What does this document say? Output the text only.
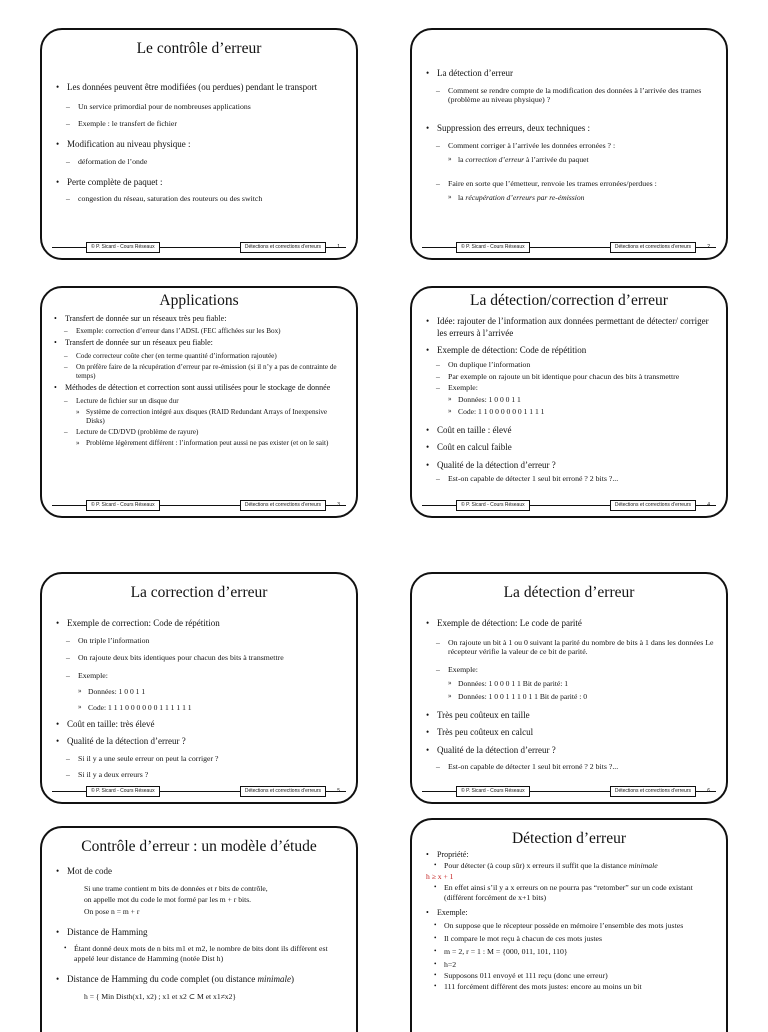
Le contrôle d’erreur
• Les données peuvent être modifiées (ou perdues) pendant le transport
– Un service primordial pour de nombreuses applications
– Exemple : le transfert de fichier
• Modification au niveau physique :
– déformation de l’onde
• Perte complète de paquet :
– congestion du réseau, saturation des routeurs ou des switch
© P. Sicard - Cours Réseaux	Détections et corrections d’erreurs	1
• La détection d’erreur
– Comment se rendre compte de la modification des données à l’arrivée des trames (problème au niveau physique) ?
• Suppression des erreurs, deux techniques :
– Comment corriger à l’arrivée les données erronées ? :
» la correction d’erreur à l’arrivée du paquet
– Faire en sorte que l’émetteur, renvoie les trames erronées/perdues :
» la récupération d’erreurs par re-émission
© P. Sicard - Cours Réseaux	Détections et corrections d’erreurs	2
Applications
• Transfert de donnée sur un réseaux très peu fiable:
– Exemple: correction d’erreur dans l’ADSL (FEC affichées sur les Box)
• Transfert de donnée sur un réseaux peu fiable:
– Code correcteur coûte cher (en terme quantité d’information rajoutée)
– On préfère faire de la récupération d’erreur par re-émission (si il n’y a pas de contrainte de temps)
• Méthodes de détection et correction sont aussi utilisées pour le stockage de donnée
– Lecture de fichier sur un disque dur
» Système de correction intégré aux disques (RAID Redundant Arrays of Inexpensive Disks)
– Lecture de CD/DVD (problème de rayure)
» Problème légèrement différent : l’information peut aussi ne pas exister (et on le sait)
© P. Sicard - Cours Réseaux	Détections et corrections d’erreurs	3
La détection/correction d’erreur
• Idée: rajouter de l’information aux données permettant de détecter/ corriger les erreurs à l’arrivée
• Exemple de détection: Code de répétition
– On duplique l’information
– Par exemple on rajoute un bit identique pour chacun des bits à transmettre
– Exemple:
» Données: 1 0 0 0 1 1
» Code: 1 1 0 0 0 0 0 0 1 1 1 1
• Coût en taille : élevé
• Coût en calcul faible
• Qualité de la détection d’erreur ?
– Est-on capable de détecter 1 seul bit erroné ? 2 bits ?...
© P. Sicard - Cours Réseaux	Détections et corrections d’erreurs	4
La correction d’erreur
• Exemple de correction: Code de répétition
– On triple l’information
– On rajoute deux bits identiques pour chacun des bits à transmettre
– Exemple:
» Données: 1 0 0 1 1
» Code: 1 1 1 0 0 0 0 0 0 1 1 1 1 1 1
• Coût en taille: très élevé
• Qualité de la détection d’erreur ?
– Si il y a une seule erreur on peut la corriger ?
– Si il y a deux erreurs ?
© P. Sicard - Cours Réseaux	Détections et corrections d’erreurs	5
La détection d’erreur
• Exemple de détection: Le code de parité
– On rajoute un bit à 1 ou 0 suivant la parité du nombre de bits à 1 dans les données Le récepteur vérifie la valeur de ce bit de parité.
– Exemple:
» Données: 1 0 0 0 1 1 Bit de parité: 1
» Données: 1 0 0 1 1 1 0 1 1 Bit de parité : 0
• Très peu coûteux en taille
• Très peu coûteux en calcul
• Qualité de la détection d’erreur ?
– Est-on capable de détecter 1 seul bit erroné ? 2 bits ?...
© P. Sicard - Cours Réseaux	Détections et corrections d’erreurs	6
Contrôle d’erreur : un modèle d’étude
• Mot de code
Si une trame contient m bits de données et r bits de contrôle,
on appelle mot du code le mot formé par les m + r bits.
On pose n = m + r
• Distance de Hamming
• Étant donné deux mots de n bits m1 et m2, le nombre de bits dont ils diffèrent est appelé leur distance de Hamming (notée Dist h)
• Distance de Hamming du code complet (ou distance minimale)
h = { Min Disth(x1, x2) ; x1 et x2 ⊂ M et x1≠x2}
Détection d’erreur
• Propriété:
• Pour détecter (à coup sûr) x erreurs il suffit que la distance minimale
h ≥ x + 1
• En effet ainsi s’il y a x erreurs on ne pourra pas “retomber” sur un code existant (différent forcément de x+1 bits)
• Exemple:
• On suppose que le récepteur possède en mémoire l’ensemble des mots justes
• Il compare le mot reçu à chacun de ces mots justes
• m = 2, r = 1 : M = {000, 011, 101, 110}
• h=2
• Supposons 011 envoyé et 111 reçu (donc une erreur)
• 111 forcément différent des mots justes: encore au moins un bit
